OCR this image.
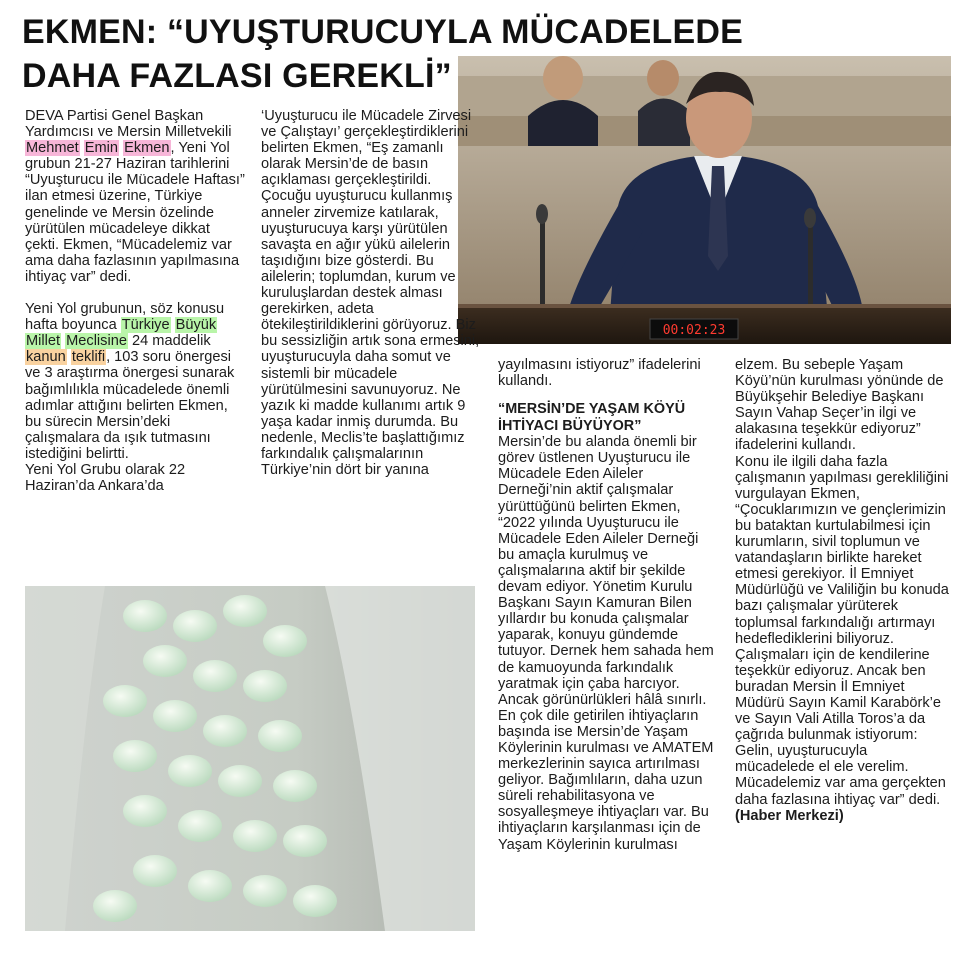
EKMEN: “UYUŞTURUCUYLA MÜCADELEDE
DAHA FAZLASI GEREKLİ”
00:02:23

DEVA Partisi Genel Başkan Yardımcısı ve Mersin Milletvekili Mehmet Emin Ekmen, Yeni Yol grubun 21-27 Haziran tarihlerini “Uyuşturucu ile Mücadele Haftası” ilan etmesi üzerine, Türkiye genelinde ve Mersin özelinde yürütülen mücadeleye dikkat çekti. Ekmen, “Mücadelemiz var ama daha fazlasının yapılmasına ihtiyaç var” dedi.

Yeni Yol grubunun, söz konusu hafta boyunca Türkiye Büyük Millet Meclisine 24 maddelik kanun teklifi, 103 soru önergesi ve 3 araştırma önergesi sunarak bağımlılıkla mücadelede önemli adımlar attığını belirten Ekmen, bu sürecin Mersin’deki çalışmalara da ışık tutmasını istediğini belirtti.

Yeni Yol Grubu olarak 22 Haziran’da Ankara’da

‘Uyuşturucu ile Mücadele Zirvesi ve Çalıştayı’ gerçekleştirdiklerini belirten Ekmen, “Eş zamanlı olarak Mersin’de de basın açıklaması gerçekleştirildi. Çocuğu uyuşturucu kullanmış anneler zirvemize katılarak, uyuşturucuya karşı yürütülen savaşta en ağır yükü ailelerin taşıdığını bize gösterdi. Bu ailelerin; toplumdan, kurum ve kuruluşlardan destek alması gerekirken, adeta ötekileştirildiklerini görüyoruz. Biz bu sessizliğin artık sona ermesini, uyuşturucuyla daha somut ve sistemli bir mücadele yürütülmesini savunuyoruz. Ne yazık ki madde kullanımı artık 9 yaşa kadar inmiş durumda. Bu nedenle, Meclis’te başlattığımız farkındalık çalışmalarının Türkiye’nin dört bir yanına

yayılmasını istiyoruz” ifadelerini kullandı.

“MERSİN’DE YAŞAM KÖYÜ İHTİYACI BÜYÜYOR”

Mersin’de bu alanda önemli bir görev üstlenen Uyuşturucu ile Mücadele Eden Aileler Derneği’nin aktif çalışmalar yürüttüğünü belirten Ekmen, “2022 yılında Uyuşturucu ile Mücadele Eden Aileler Derneği bu amaçla kurulmuş ve çalışmalarına aktif bir şekilde devam ediyor. Yönetim Kurulu Başkanı Sayın Kamuran Bilen yıllardır bu konuda çalışmalar yaparak, konuyu gündemde tutuyor. Dernek hem sahada hem de kamuoyunda farkındalık yaratmak için çaba harcıyor. Ancak görünürlükleri hâlâ sınırlı. En çok dile getirilen ihtiyaçların başında ise Mersin’de Yaşam Köylerinin kurulması ve AMATEM merkezlerinin sayıca artırılması geliyor. Bağımlıların, daha uzun süreli rehabilitasyona ve sosyalleşmeye ihtiyaçları var. Bu ihtiyaçların karşılanması için de Yaşam Köylerinin kurulması

elzem. Bu sebeple Yaşam Köyü’nün kurulması yönünde de Büyükşehir Belediye Başkanı Sayın Vahap Seçer’in ilgi ve alakasına teşekkür ediyoruz” ifadelerini kullandı.

Konu ile ilgili daha fazla çalışmanın yapılması gerekliliğini vurgulayan Ekmen, “Çocuklarımızın ve gençlerimizin bu bataktan kurtulabilmesi için kurumların, sivil toplumun ve vatandaşların birlikte hareket etmesi gerekiyor. İl Emniyet Müdürlüğü ve Valiliğin bu konuda bazı çalışmalar yürüterek toplumsal farkındalığı artırmayı hedeflediklerini biliyoruz. Çalışmaları için de kendilerine teşekkür ediyoruz. Ancak ben buradan Mersin İl Emniyet Müdürü Sayın Kamil Karabörk’e ve Sayın Vali Atilla Toros’a da çağrıda bulunmak istiyorum: Gelin, uyuşturucuyla mücadelede el ele verelim. Mücadelemiz var ama gerçekten daha fazlasına ihtiyaç var” dedi. (Haber Merkezi)
